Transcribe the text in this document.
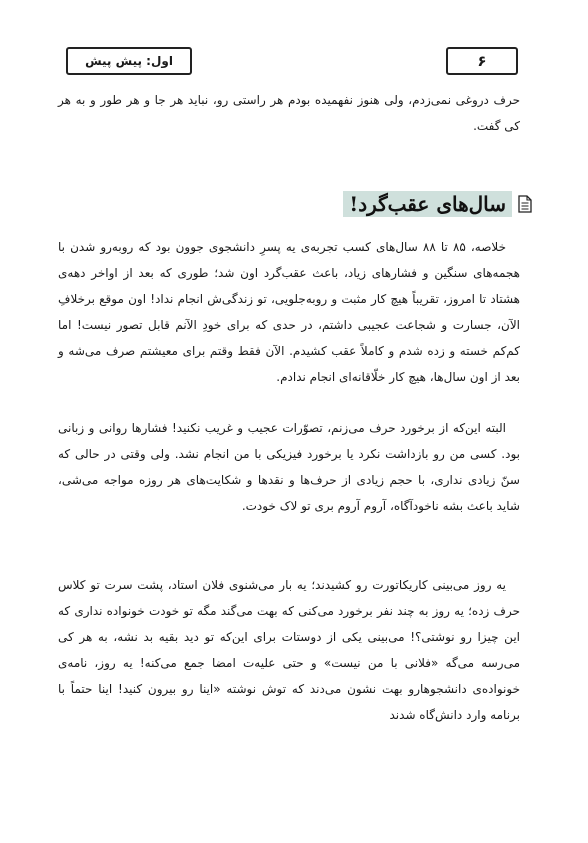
اول: پیش پیش	۶

حرف دروغی نمی‌زدم، ولی هنوز نفهمیده بودم هر راستی رو، نباید هر جا و هر طور و به هر کی گفت.

سال‌های عقب‌گرد!

خلاصه، ۸۵ تا ۸۸ سال‌های کسب تجربه‌ی یه پسرِ دانشجوی جوون بود که روبه‌رو شدن با هجمه‌های سنگین و فشارهای زیاد، باعث عقب‌گرد اون شد؛ طوری که بعد از اواخر دهه‌ی هشتاد تا امروز، تقریباً هیچ کار مثبت و روبه‌جلویی، تو زندگی‌ش انجام نداد! اون موقع برخلافِ الآن، جسارت و شجاعت عجیبی داشتم، در حدی که برای خودِ الآنم قابل تصور نیست! اما کم‌کم خسته و زده شدم و کاملاً عقب کشیدم. الآن فقط وقتم برای معیشتم صرف می‌شه و بعد از اون سال‌ها، هیچ کار خلّاقانه‌ای انجام ندادم.

البته این‌که از برخورد حرف می‌زنم، تصوّرات عجیب و غریب نکنید! فشارها روانی و زبانی بود. کسی من رو بازداشت نکرد یا برخورد فیزیکی با من انجام نشد. ولی وقتی در حالی که سنّ زیادی نداری، با حجم زیادی از حرف‌ها و نقدها و شکایت‌های هر روزه مواجه می‌شی، شاید باعث بشه ناخودآگاه، آروم آروم بری تو لاک خودت.

یه روز می‌بینی کاریکاتورت رو کشیدند؛ یه بار می‌شنوی فلان استاد، پشت سرت تو کلاس حرف زده؛ یه روز به چند نفر برخورد می‌کنی که بهت می‌گند مگه تو خودت خونواده نداری که این چیزا رو نوشتی؟! می‌بینی یکی از دوستات برای این‌که تو دید بقیه بد نشه، به هر کی می‌رسه می‌گه «فلانی با من نیست» و حتی علیه‌ت امضا جمع می‌کنه! یه روز، نامه‌ی خونواده‌ی دانشجوهارو بهت نشون می‌دند که توش نوشته «اینا رو بیرون کنید! اینا حتماً با برنامه وارد دانش‌گاه شدند
